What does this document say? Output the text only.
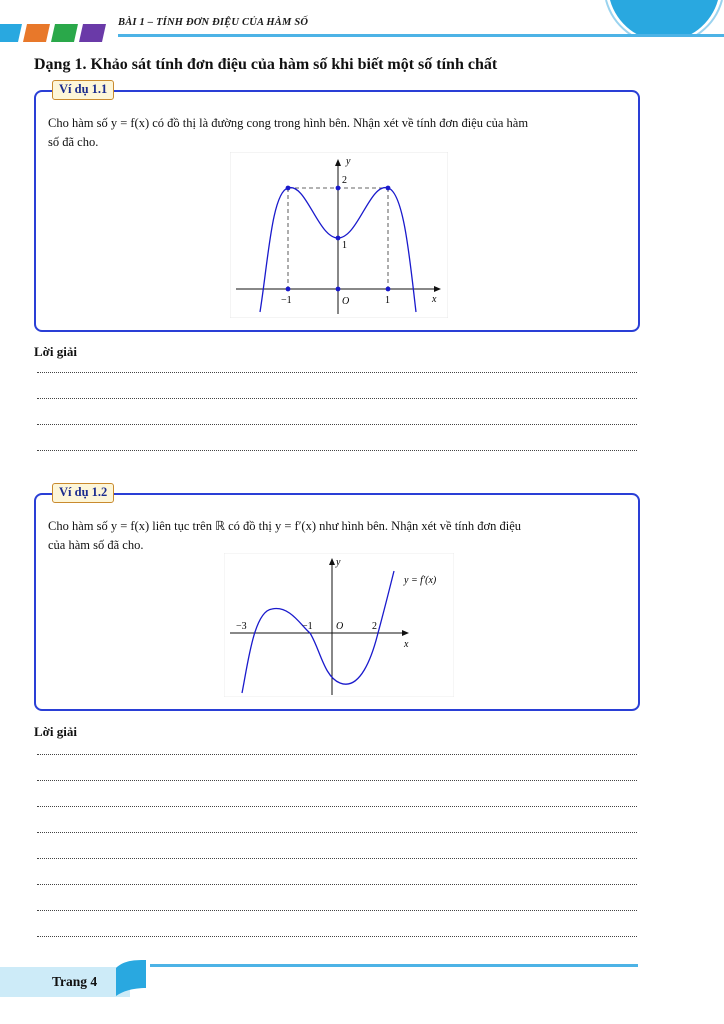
BÀI 1 – TÍNH ĐƠN ĐIỆU CỦA HÀM SỐ
Dạng 1. Khảo sát tính đơn điệu của hàm số khi biết một số tính chất
Ví dụ 1.1
Cho hàm số y = f(x) có đồ thị là đường cong trong hình bên. Nhận xét về tính đơn điệu của hàm
số đã cho.
y
x
O
−1	1
2
1
Lời giải
Ví dụ 1.2
Cho hàm số y = f(x) liên tục trên ℝ có đồ thị y = f′(x) như hình bên. Nhận xét về tính đơn điệu
của hàm số đã cho.
y
x
O
−3	−1	2
y = f′(x)
Lời giải
Trang 4
